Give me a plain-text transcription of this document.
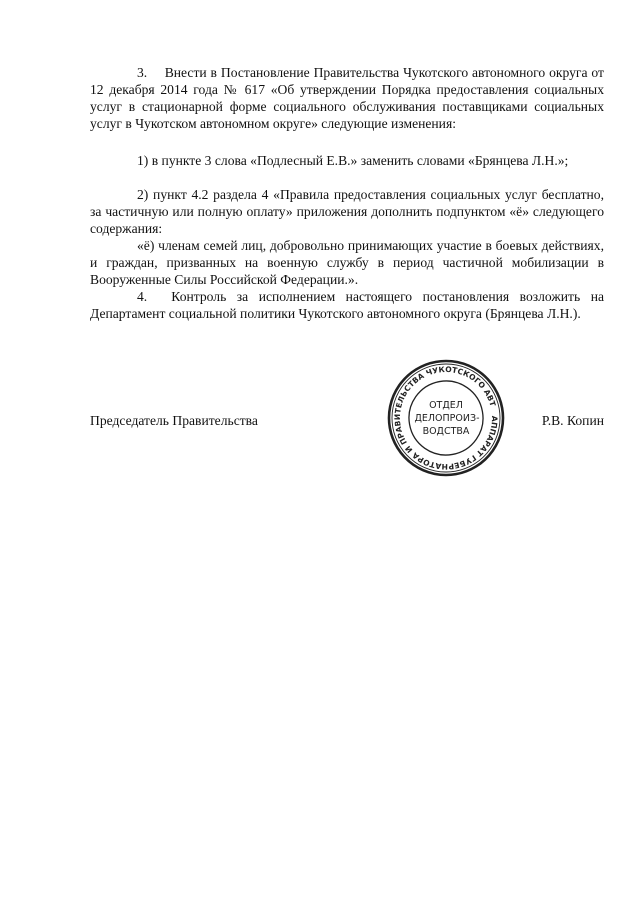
3.  Внести в Постановление Правительства Чукотского автономного округа от 12 декабря 2014 года № 617 «Об утверждении Порядка предоставления социальных услуг в стационарной форме социального обслуживания поставщиками социальных услуг в Чукотском автономном округе» следующие изменения:

1) в пункте 3 слова «Подлесный Е.В.» заменить словами «Брянцева Л.Н.»;

2) пункт 4.2 раздела 4 «Правила предоставления социальных услуг бесплатно, за частичную или полную оплату» приложения дополнить подпунктом «ё» следующего содержания:

«ё) членам семей лиц, добровольно принимающих участие в боевых действиях, и граждан, призванных на военную службу в период частичной мобилизации в Вооруженные Силы Российской Федерации.».

4.  Контроль за исполнением настоящего постановления возложить на Департамент социальной политики Чукотского автономного округа (Брянцева Л.Н.).

Председатель Правительства	Р.В. Копин
АППАРАТ ГУБЕРНАТОРА И ПРАВИТЕЛЬСТВА ЧУКОТСКОГО АВТОНОМНОГО
ОТДЕЛ
ДЕЛОПРОИЗ-
ВОДСТВА
